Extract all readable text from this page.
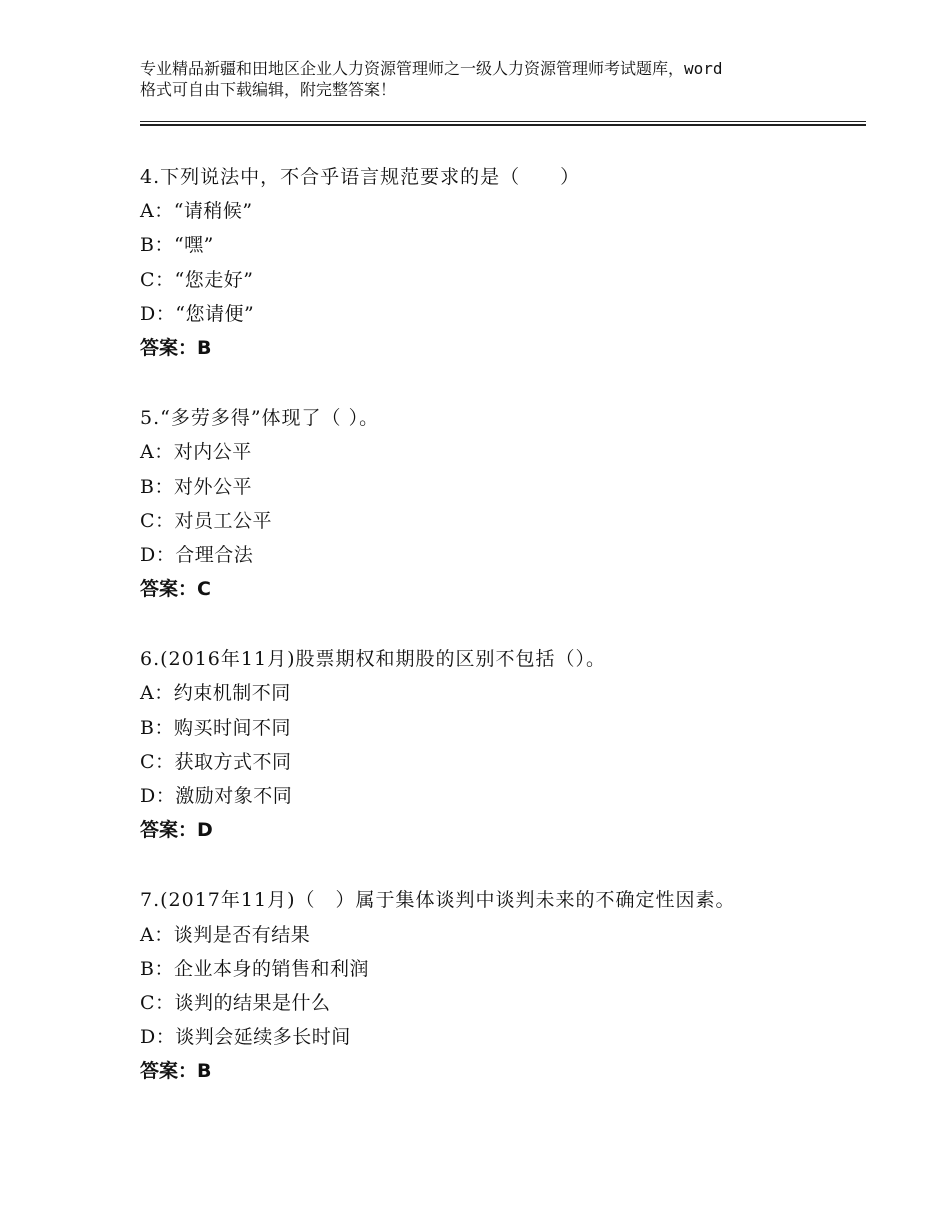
专业精品新疆和田地区企业人力资源管理师之一级人力资源管理师考试题库，word
格式可自由下载编辑，附完整答案！
4.下列说法中，不合乎语言规范要求的是（　　）
A：“请稍候”
B：“嘿”
C：“您走好”
D：“您请便”
答案：B
5.“多劳多得”体现了（ ）。
A：对内公平
B：对外公平
C：对员工公平
D：合理合法
答案：C
6.(2016年11月)股票期权和期股的区别不包括（）。
A：约束机制不同
B：购买时间不同
C：获取方式不同
D：激励对象不同
答案：D
7.(2017年11月)（　）属于集体谈判中谈判未来的不确定性因素。
A：谈判是否有结果
B：企业本身的销售和利润
C：谈判的结果是什么
D：谈判会延续多长时间
答案：B
